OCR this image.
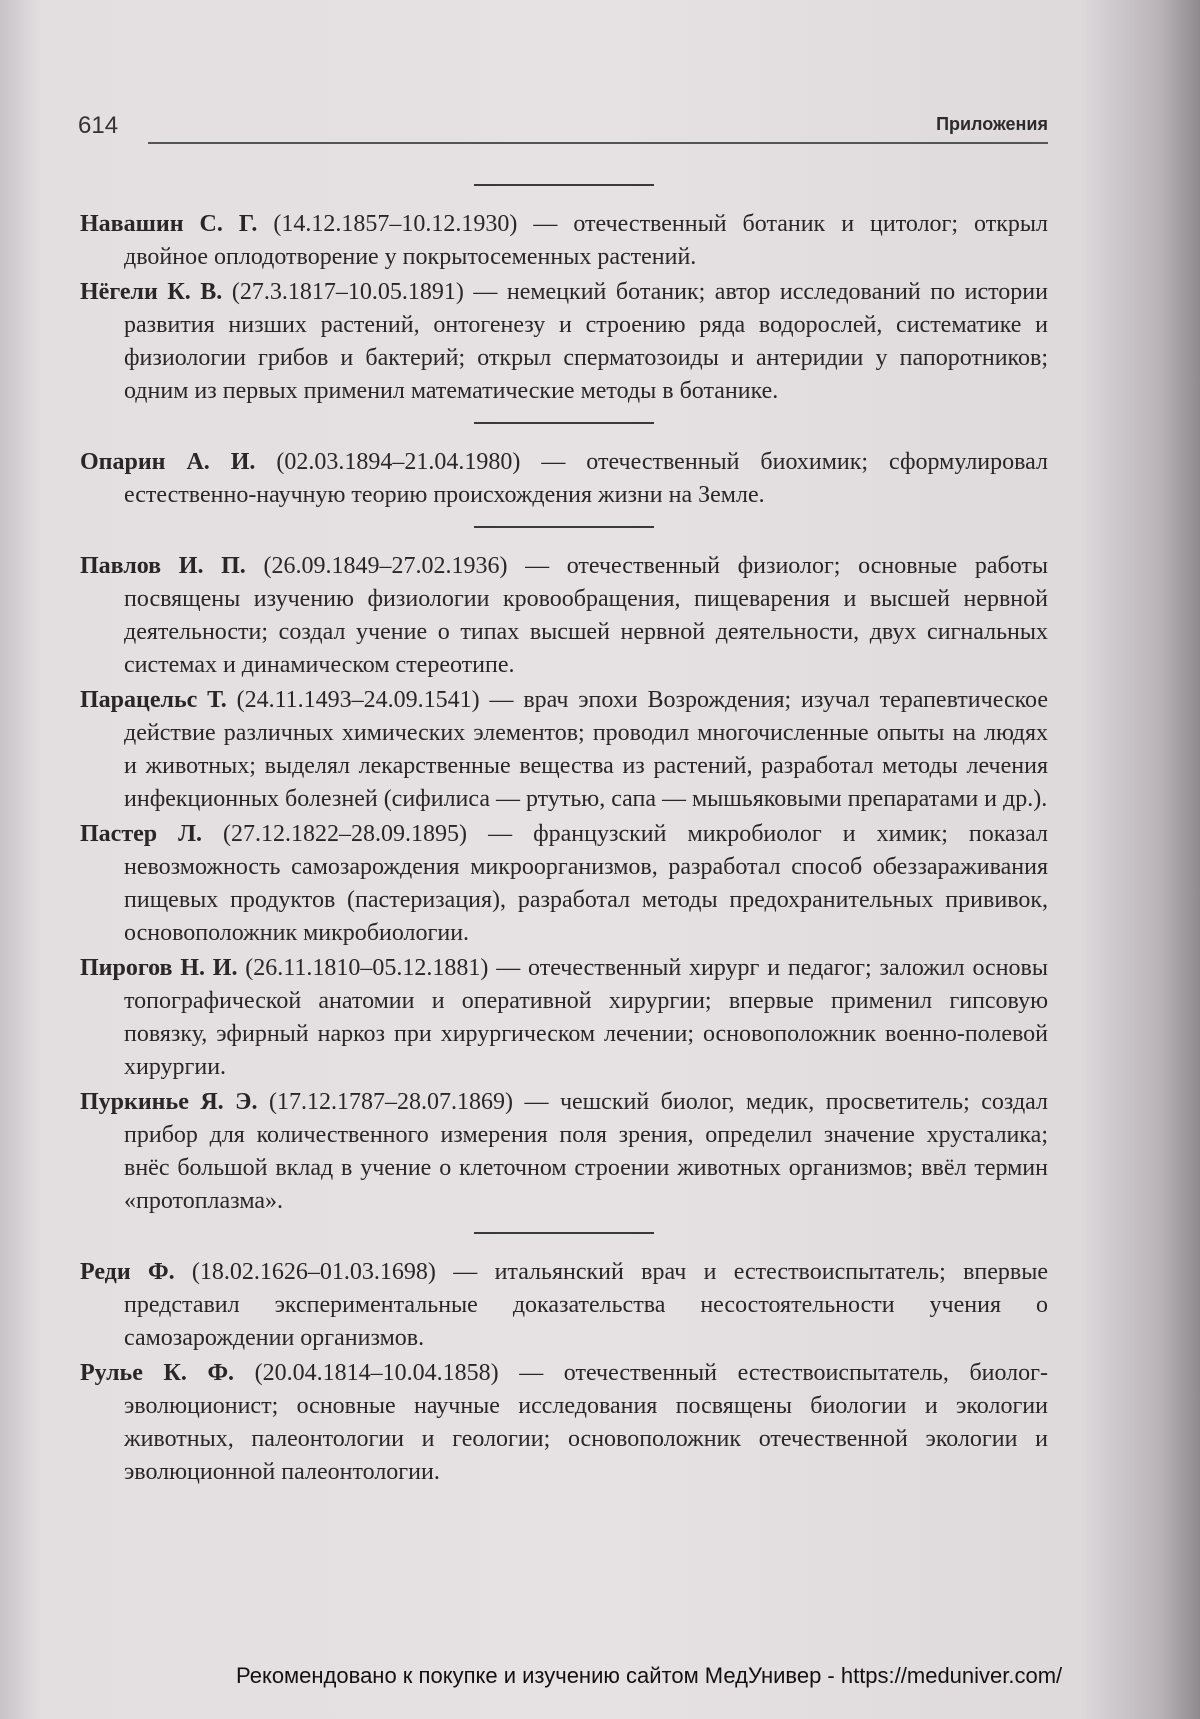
614	Приложения

Навашин С. Г. (14.12.1857–10.12.1930) — отечественный ботаник и цитолог; открыл двойное оплодотворение у покрытосеменных растений.

Нёгели К. В. (27.3.1817–10.05.1891) — немецкий ботаник; автор исследований по истории развития низших растений, онтогенезу и строению ряда водорослей, систематике и физиологии грибов и бактерий; открыл сперматозоиды и антеридии у папоротников; одним из первых применил математические методы в ботанике.

Опарин А. И. (02.03.1894–21.04.1980) — отечественный биохимик; сформулировал естественно-научную теорию происхождения жизни на Земле.

Павлов И. П. (26.09.1849–27.02.1936) — отечественный физиолог; основные работы посвящены изучению физиологии кровообращения, пищеварения и высшей нервной деятельности; создал учение о типах высшей нервной деятельности, двух сигнальных системах и динамическом стереотипе.

Парацельс Т. (24.11.1493–24.09.1541) — врач эпохи Возрождения; изучал терапевтическое действие различных химических элементов; проводил многочисленные опыты на людях и животных; выделял лекарственные вещества из растений, разработал методы лечения инфекционных болезней (сифилиса — ртутью, сапа — мышьяковыми препаратами и др.).

Пастер Л. (27.12.1822–28.09.1895) — французский микробиолог и химик; показал невозможность самозарождения микроорганизмов, разработал способ обеззараживания пищевых продуктов (пастеризация), разработал методы предохранительных прививок, основоположник микробиологии.

Пирогов Н. И. (26.11.1810–05.12.1881) — отечественный хирург и педагог; заложил основы топографической анатомии и оперативной хирургии; впервые применил гипсовую повязку, эфирный наркоз при хирургическом лечении; основоположник военно-полевой хирургии.

Пуркинье Я. Э. (17.12.1787–28.07.1869) — чешский биолог, медик, просветитель; создал прибор для количественного измерения поля зрения, определил значение хрусталика; внёс большой вклад в учение о клеточном строении животных организмов; ввёл термин «протоплазма».

Реди Ф. (18.02.1626–01.03.1698) — итальянский врач и естествоиспытатель; впервые представил экспериментальные доказательства несостоятельности учения о самозарождении организмов.

Рулье К. Ф. (20.04.1814–10.04.1858) — отечественный естествоиспытатель, биолог-эволюционист; основные научные исследования посвящены биологии и экологии животных, палеонтологии и геологии; основоположник отечественной экологии и эволюционной палеонтологии.

Рекомендовано к покупке и изучению сайтом МедУнивер - https://meduniver.com/
